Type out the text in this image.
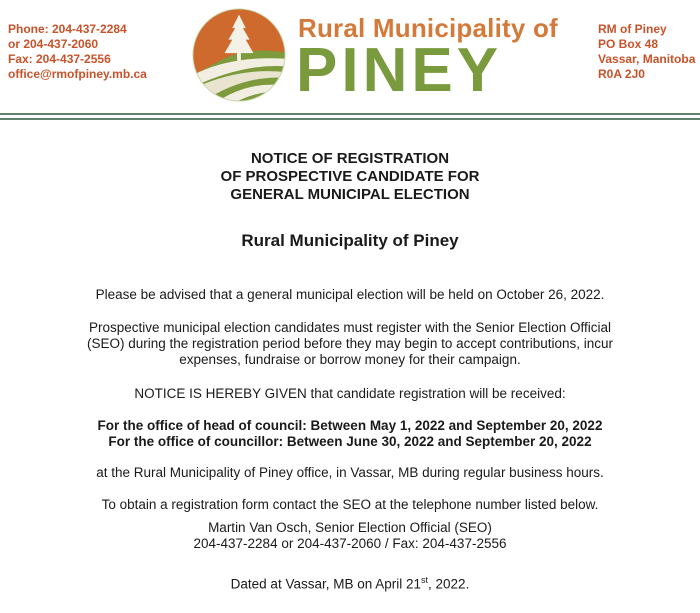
Phone: 204-437-2284
or 204-437-2060
Fax: 204-437-2556
office@rmofpiney.mb.ca
Rural Municipality of
PINEY
RM of Piney
PO Box 48
Vassar, Manitoba
R0A 2J0
NOTICE OF REGISTRATION
OF PROSPECTIVE CANDIDATE FOR
GENERAL MUNICIPAL ELECTION
Rural Municipality of Piney
Please be advised that a general municipal election will be held on October 26, 2022.
Prospective municipal election candidates must register with the Senior Election Official
(SEO) during the registration period before they may begin to accept contributions, incur
expenses, fundraise or borrow money for their campaign.
NOTICE IS HEREBY GIVEN that candidate registration will be received:
For the office of head of council: Between May 1, 2022 and September 20, 2022
For the office of councillor: Between June 30, 2022 and September 20, 2022
at the Rural Municipality of Piney office, in Vassar, MB during regular business hours.
To obtain a registration form contact the SEO at the telephone number listed below.
Martin Van Osch, Senior Election Official (SEO)
204-437-2284 or 204-437-2060 / Fax: 204-437-2556
Dated at Vassar, MB on April 21st, 2022.
